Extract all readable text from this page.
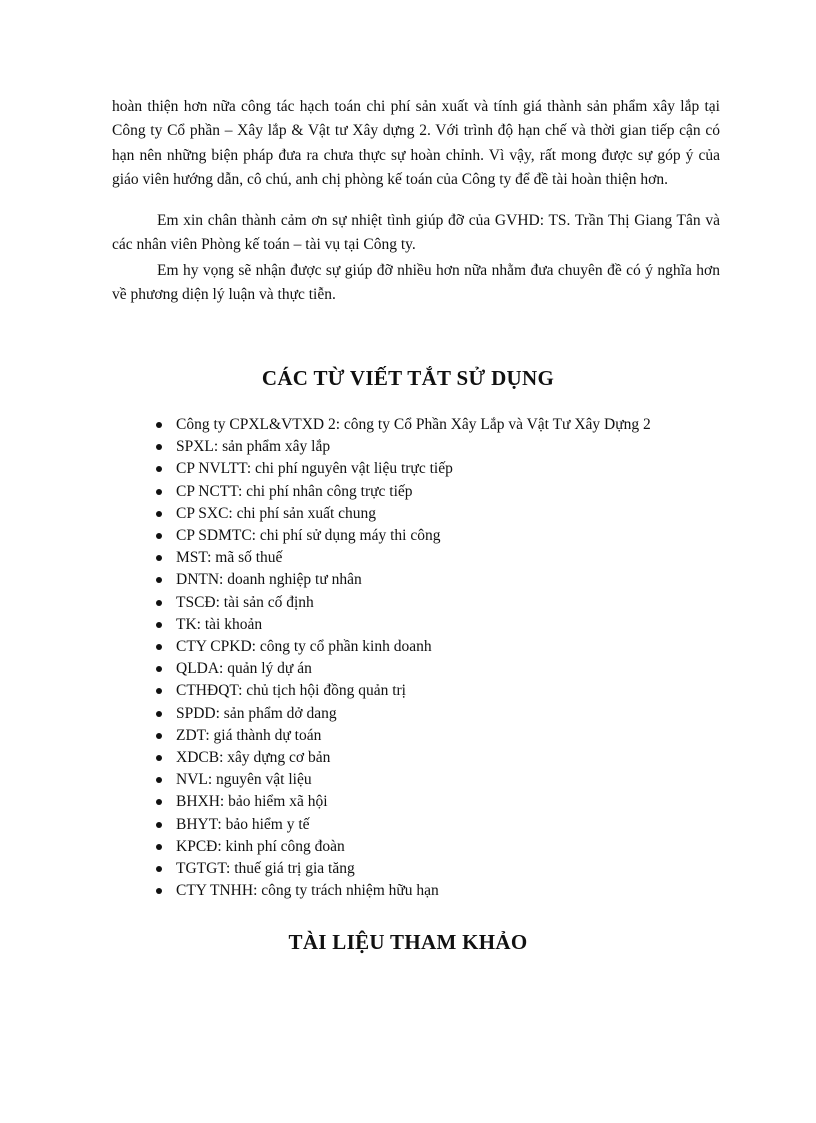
hoàn thiện hơn nữa công tác hạch toán chi phí sản xuất và tính giá thành sản phẩm xây lắp tại Công ty Cổ phần – Xây lắp & Vật tư Xây dựng 2. Với trình độ hạn chế và thời gian tiếp cận có hạn nên những biện pháp đưa ra chưa thực sự hoàn chỉnh. Vì vậy, rất mong được sự góp ý của giáo viên hướng dẫn, cô chú, anh chị phòng kế toán của Công ty để đề tài hoàn thiện hơn.

Em xin chân thành cảm ơn sự nhiệt tình giúp đỡ của GVHD: TS. Trần Thị Giang Tân và các nhân viên Phòng kế toán – tài vụ tại Công ty.

Em hy vọng sẽ nhận được sự giúp đỡ nhiều hơn nữa nhằm đưa chuyên đề có ý nghĩa hơn về phương diện lý luận và thực tiễn.

CÁC TỪ VIẾT TẮT SỬ DỤNG
Công ty CPXL&VTXD 2: công ty Cổ Phần Xây Lắp và Vật Tư Xây Dựng 2
SPXL: sản phẩm xây lắp
CP NVLTT: chi phí nguyên vật liệu trực tiếp
CP NCTT: chi phí nhân công trực tiếp
CP SXC: chi phí sản xuất chung
CP SDMTC: chi phí sử dụng máy thi công
MST: mã số thuế
DNTN: doanh nghiệp tư nhân
TSCĐ: tài sản cố định
TK: tài khoản
CTY CPKD: công ty cổ phần kinh doanh
QLDA: quản lý dự án
CTHĐQT: chủ tịch hội đồng quản trị
SPDD: sản phẩm dở dang
ZDT: giá thành dự toán
XDCB: xây dựng cơ bản
NVL: nguyên vật liệu
BHXH: bảo hiểm xã hội
BHYT: bảo hiểm y tế
KPCĐ: kinh phí công đoàn
TGTGT: thuế giá trị gia tăng
CTY TNHH: công ty trách nhiệm hữu hạn
TÀI LIỆU THAM KHẢO
